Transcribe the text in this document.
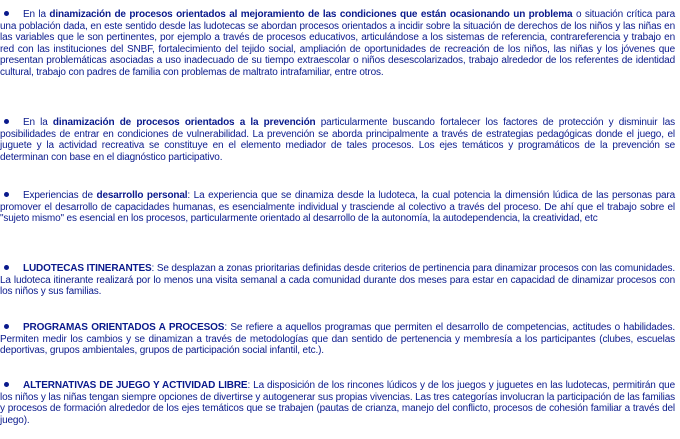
En la dinamización de procesos orientados al mejoramiento de las condiciones que están ocasionando un problema o situación crítica para una población dada, en este sentido desde las ludotecas se abordan procesos orientados a incidir sobre la situación de derechos de los niños y las niñas en las variables que le son pertinentes, por ejemplo a través de procesos educativos, articulándose a los sistemas de referencia, contrareferencia y trabajo en red con las instituciones del SNBF, fortalecimiento del tejido social, ampliación de oportunidades de recreación de los niños, las niñas y los jóvenes que presentan problemáticas asociadas a uso inadecuado de su tiempo extraescolar o niños desescolarizados, trabajo alrededor de los referentes de identidad cultural, trabajo con padres de familia con problemas de maltrato intrafamiliar, entre otros.

En la dinamización de procesos orientados a la prevención particularmente buscando fortalecer los factores de protección y disminuir las posibilidades de entrar en condiciones de vulnerabilidad. La prevención se aborda principalmente a través de estrategias pedagógicas donde el juego, el juguete y la actividad recreativa se constituye en el elemento mediador de tales procesos. Los ejes temáticos y programáticos de la prevención se determinan con base en el diagnóstico participativo.

Experiencias de desarrollo personal: La experiencia que se dinamiza desde la ludoteca, la cual potencia la dimensión lúdica de las personas para promover el desarrollo de capacidades humanas, es esencialmente individual y trasciende al colectivo a través del proceso. De ahí que el trabajo sobre el "sujeto mismo" es esencial en los procesos, particularmente orientado al desarrollo de la autonomía, la autodependencia, la creatividad, etc

LUDOTECAS ITINERANTES: Se desplazan a zonas prioritarias definidas desde criterios de pertinencia para dinamizar procesos con las comunidades. La ludoteca itinerante realizará por lo menos una visita semanal a cada comunidad durante dos meses para estar en capacidad de dinamizar procesos con los niños y sus familias.

PROGRAMAS ORIENTADOS A PROCESOS: Se refiere a aquellos programas que permiten el desarrollo de competencias, actitudes o habilidades. Permiten medir los cambios y se dinamizan a través de metodologías que dan sentido de pertenencia y membresía a los participantes (clubes, escuelas deportivas, grupos ambientales, grupos de participación social infantil, etc.).

ALTERNATIVAS DE JUEGO Y ACTIVIDAD LIBRE: La disposición de los rincones lúdicos y de los juegos y juguetes en las ludotecas, permitirán que los niños y las niñas tengan siempre opciones de divertirse y autogenerar sus propias vivencias. Las tres categorías involucran la participación de las familias y procesos de formación alrededor de los ejes temáticos que se trabajen (pautas de crianza, manejo del conflicto, procesos de cohesión familiar a través del juego).
